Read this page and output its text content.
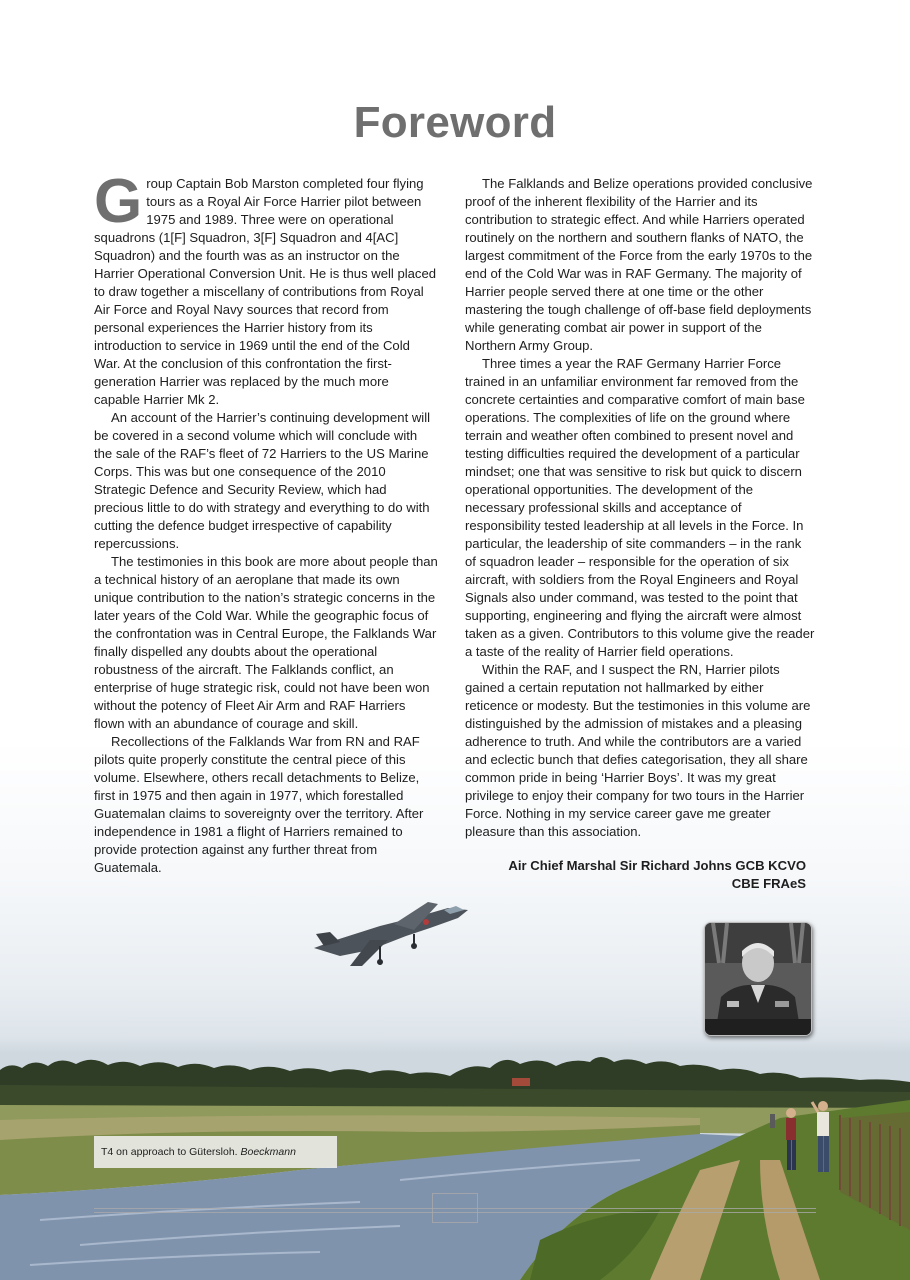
Foreword

Group Captain Bob Marston completed four flying tours as a Royal Air Force Harrier pilot between 1975 and 1989. Three were on operational squadrons (1[F] Squadron, 3[F] Squadron and 4[AC] Squadron) and the fourth was as an instructor on the Harrier Operational Conversion Unit. He is thus well placed to draw together a miscellany of contributions from Royal Air Force and Royal Navy sources that record from personal experiences the Harrier history from its introduction to service in 1969 until the end of the Cold War. At the conclusion of this confrontation the first-generation Harrier was replaced by the much more capable Harrier Mk 2.

An account of the Harrier’s continuing development will be covered in a second volume which will conclude with the sale of the RAF’s fleet of 72 Harriers to the US Marine Corps. This was but one consequence of the 2010 Strategic Defence and Security Review, which had precious little to do with strategy and everything to do with cutting the defence budget irrespective of capability repercussions.

The testimonies in this book are more about people than a technical history of an aeroplane that made its own unique contribution to the nation’s strategic concerns in the later years of the Cold War. While the geographic focus of the confrontation was in Central Europe, the Falklands War finally dispelled any doubts about the operational robustness of the aircraft. The Falklands conflict, an enterprise of huge strategic risk, could not have been won without the potency of Fleet Air Arm and RAF Harriers flown with an abundance of courage and skill.

Recollections of the Falklands War from RN and RAF pilots quite properly constitute the central piece of this volume. Elsewhere, others recall detachments to Belize, first in 1975 and then again in 1977, which forestalled Guatemalan claims to sovereignty over the territory. After independence in 1981 a flight of Harriers remained to provide protection against any further threat from Guatemala.

The Falklands and Belize operations provided conclusive proof of the inherent flexibility of the Harrier and its contribution to strategic effect. And while Harriers operated routinely on the northern and southern flanks of NATO, the largest commitment of the Force from the early 1970s to the end of the Cold War was in RAF Germany. The majority of Harrier people served there at one time or the other mastering the tough challenge of off-base field deployments while generating combat air power in support of the Northern Army Group.

Three times a year the RAF Germany Harrier Force trained in an unfamiliar environment far removed from the concrete certainties and comparative comfort of main base operations. The complexities of life on the ground where terrain and weather often combined to present novel and testing difficulties required the development of a particular mindset; one that was sensitive to risk but quick to discern operational opportunities. The development of the necessary professional skills and acceptance of responsibility tested leadership at all levels in the Force. In particular, the leadership of site commanders – in the rank of squadron leader – responsible for the operation of six aircraft, with soldiers from the Royal Engineers and Royal Signals also under command, was tested to the point that supporting, engineering and flying the aircraft were almost taken as a given. Contributors to this volume give the reader a taste of the reality of Harrier field operations.

Within the RAF, and I suspect the RN, Harrier pilots gained a certain reputation not hallmarked by either reticence or modesty. But the testimonies in this volume are distinguished by the admission of mistakes and a pleasing adherence to truth. And while the contributors are a varied and eclectic bunch that defies categorisation, they all share common pride in being ‘Harrier Boys’. It was my great privilege to enjoy their company for two tours in the Harrier Force. Nothing in my service career gave me greater pleasure than this association.

Air Chief Marshal Sir Richard Johns GCB KCVO
CBE FRAeS
T4 on approach to Gütersloh. Boeckmann
